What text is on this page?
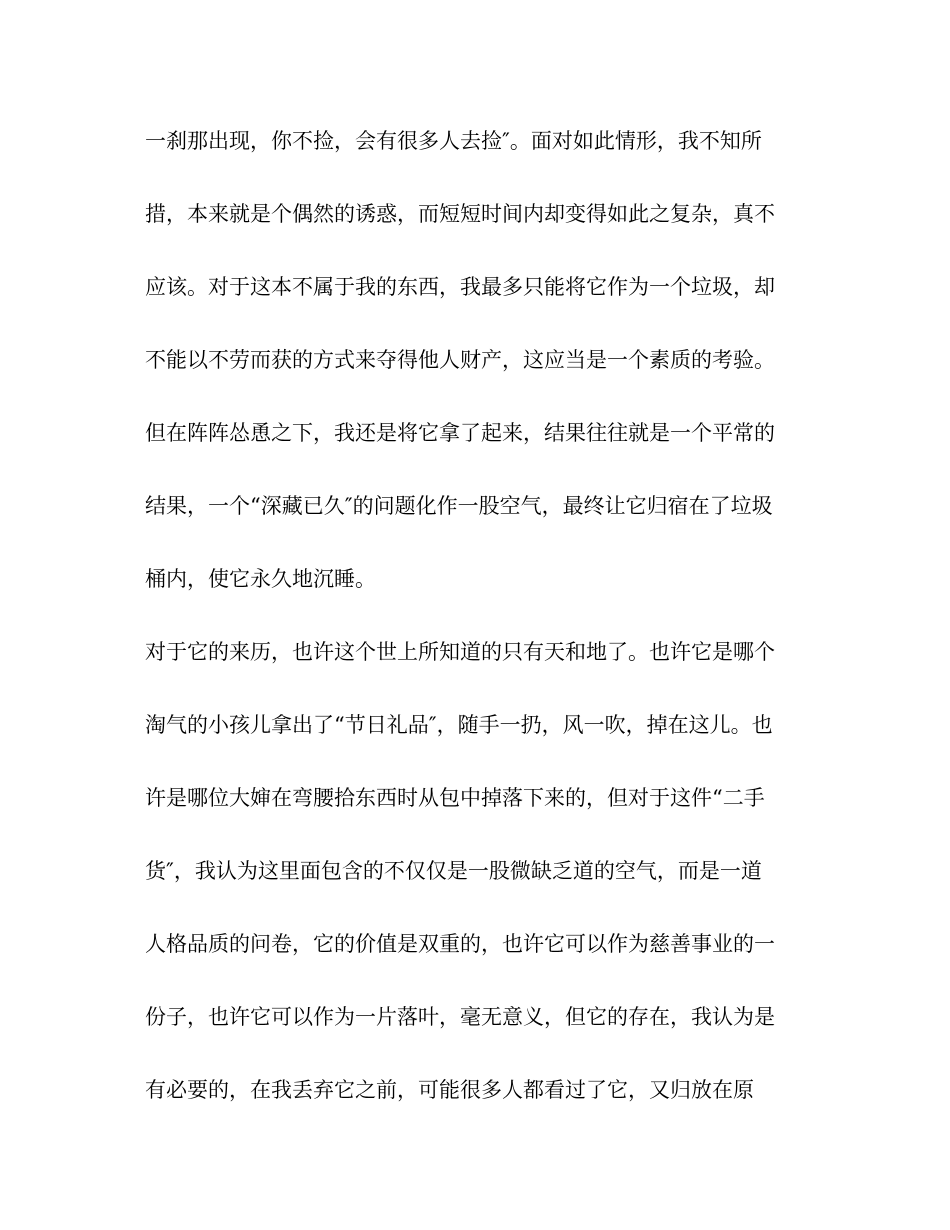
一刹那出现，你不捡，会有很多人去捡″。面对如此情形，我不知所

措，本来就是个偶然的诱惑，而短短时间内却变得如此之复杂，真不

应该。对于这本不属于我的东西，我最多只能将它作为一个垃圾，却

不能以不劳而获的方式来夺得他人财产，这应当是一个素质的考验。

但在阵阵怂恿之下，我还是将它拿了起来，结果往往就是一个平常的

结果，一个“深藏已久″的问题化作一股空气，最终让它归宿在了垃圾

桶内，使它永久地沉睡。

对于它的来历，也许这个世上所知道的只有天和地了。也许它是哪个

淘气的小孩儿拿出了“节日礼品″，随手一扔，风一吹，掉在这儿。也

许是哪位大婶在弯腰拾东西时从包中掉落下来的，但对于这件“二手

货″，我认为这里面包含的不仅仅是一股微缺乏道的空气，而是一道

人格品质的问卷，它的价值是双重的，也许它可以作为慈善事业的一

份子，也许它可以作为一片落叶，毫无意义，但它的存在，我认为是

有必要的，在我丢弃它之前，可能很多人都看过了它，又归放在原
